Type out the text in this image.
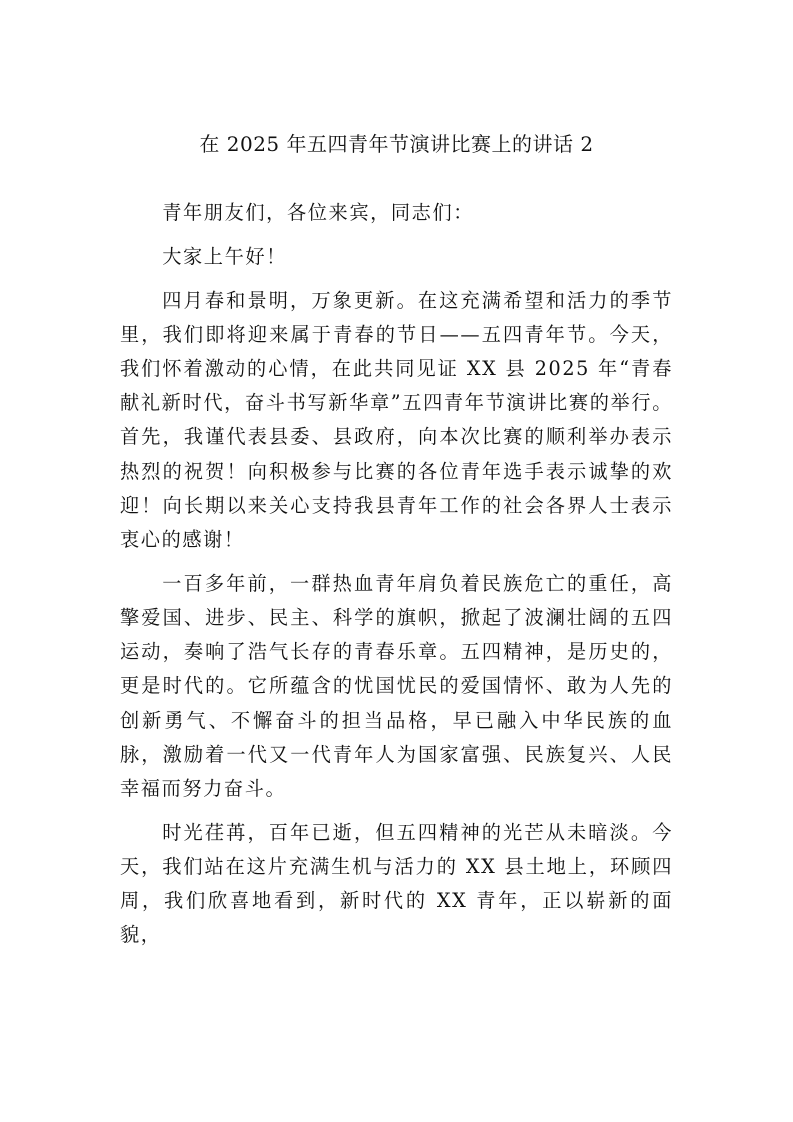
在 2025 年五四青年节演讲比赛上的讲话 2

青年朋友们，各位来宾，同志们：

大家上午好！

四月春和景明，万象更新。在这充满希望和活力的季节里，我们即将迎来属于青春的节日——五四青年节。今天，我们怀着激动的心情，在此共同见证 XX 县 2025 年“青春献礼新时代，奋斗书写新华章”五四青年节演讲比赛的举行。首先，我谨代表县委、县政府，向本次比赛的顺利举办表示热烈的祝贺！向积极参与比赛的各位青年选手表示诚挚的欢迎！向长期以来关心支持我县青年工作的社会各界人士表示衷心的感谢！

一百多年前，一群热血青年肩负着民族危亡的重任，高擎爱国、进步、民主、科学的旗帜，掀起了波澜壮阔的五四运动，奏响了浩气长存的青春乐章。五四精神，是历史的，更是时代的。它所蕴含的忧国忧民的爱国情怀、敢为人先的创新勇气、不懈奋斗的担当品格，早已融入中华民族的血脉，激励着一代又一代青年人为国家富强、民族复兴、人民幸福而努力奋斗。

时光荏苒，百年已逝，但五四精神的光芒从未暗淡。今天，我们站在这片充满生机与活力的 XX 县土地上，环顾四周，我们欣喜地看到，新时代的 XX 青年，正以崭新的面貌，
